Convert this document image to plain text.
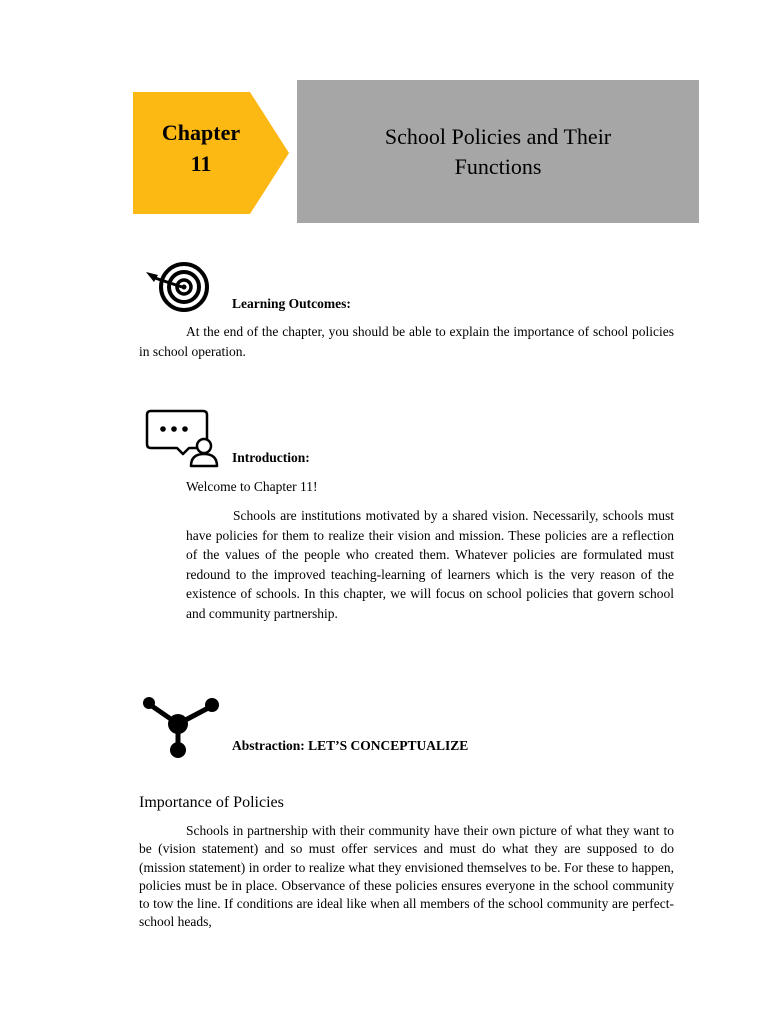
Chapter
11
School Policies and Their
Functions
Learning Outcomes:

At the end of the chapter, you should be able to explain the importance of school policies in school operation.

Introduction:
Welcome to Chapter 11!

Schools are institutions motivated by a shared vision. Necessarily, schools must have policies for them to realize their vision and mission. These policies are a reflection of the values of the people who created them. Whatever policies are formulated must redound to the improved teaching-learning of learners which is the very reason of the existence of schools. In this chapter, we will focus on school policies that govern school and community partnership.

Abstraction: LET’S CONCEPTUALIZE
Importance of Policies

Schools in partnership with their community have their own picture of what they want to be (vision statement) and so must offer services and must do what they are supposed to do (mission statement) in order to realize what they envisioned themselves to be. For these to happen, policies must be in place. Observance of these policies ensures everyone in the school community to tow the line. If conditions are ideal like when all members of the school community are perfect-school heads,
